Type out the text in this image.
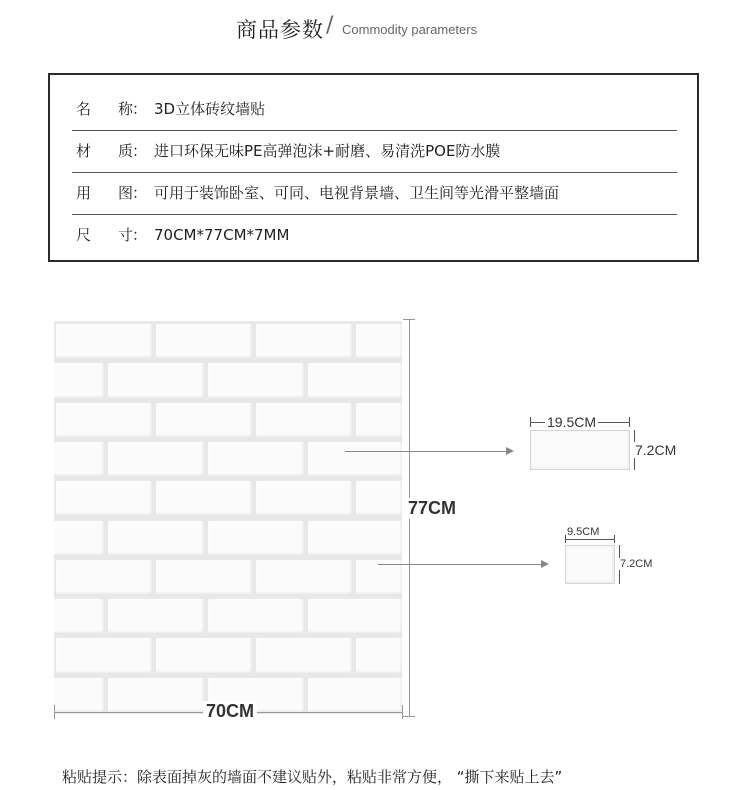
商品参数 / Commodity parameters
名 称
： 3D立体砖纹墙贴
材 质
： 进口环保无味PE高弹泡沫+耐磨、易清洗POE防水膜
用 图
： 可用于装饰卧室、可同、电视背景墙、卫生间等光滑平整墙面
尺 寸
： 70CM*77CM*7MM
77CM
70CM
19.5CM
7.2CM
9.5CM
7.2CM
粘贴提示：除表面掉灰的墙面不建议贴外，粘贴非常方便， “撕下来贴上去”
